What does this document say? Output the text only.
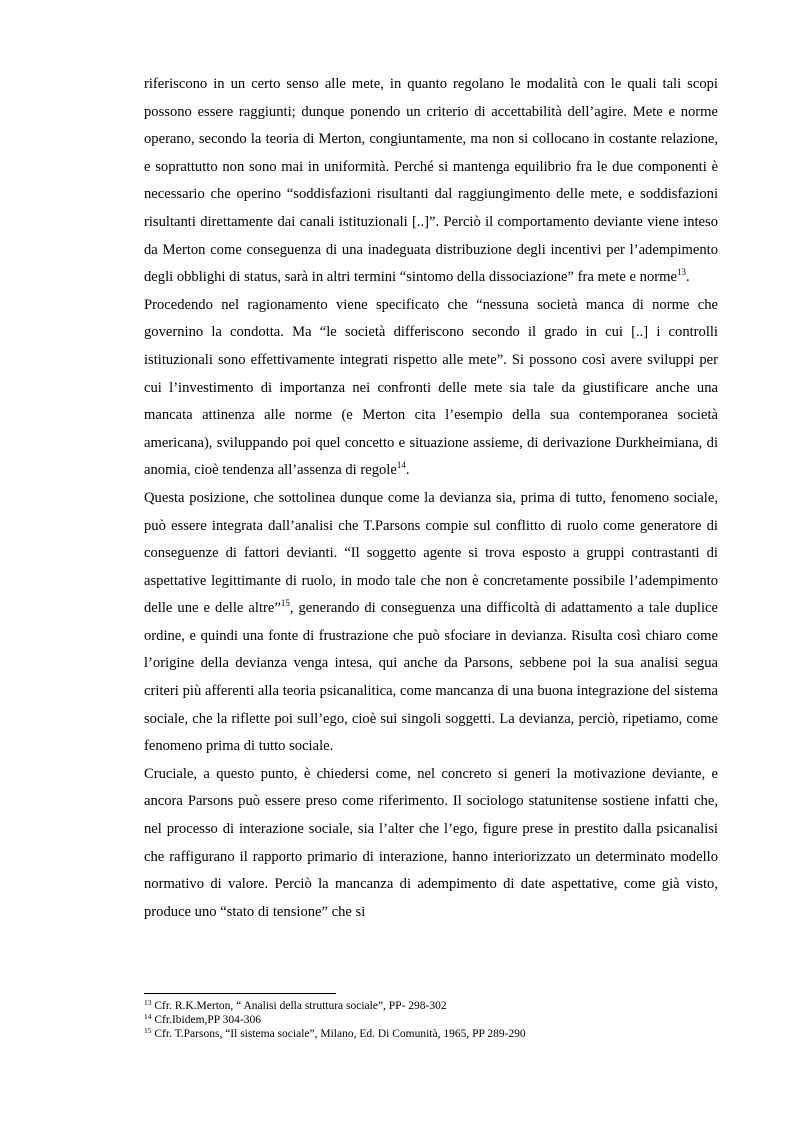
riferiscono in un certo senso alle mete, in quanto regolano le modalità con le quali tali scopi possono essere raggiunti; dunque ponendo un criterio di accettabilità dell’agire. Mete e norme operano, secondo la teoria di Merton, congiuntamente, ma non si collocano in costante relazione, e soprattutto non sono mai in uniformità. Perché si mantenga equilibrio fra le due componenti è necessario che operino “soddisfazioni risultanti dal raggiungimento delle mete, e soddisfazioni risultanti direttamente dai canali istituzionali [..]”. Perciò il comportamento deviante viene inteso da Merton come conseguenza di una inadeguata distribuzione degli incentivi per l’adempimento degli obblighi di status, sarà in altri termini “sintomo della dissociazione” fra mete e norme$^{13}$.

Procedendo nel ragionamento viene specificato che “nessuna società manca di norme che governino la condotta. Ma “le società differiscono secondo il grado in cui [..] i controlli istituzionali sono effettivamente integrati rispetto alle mete”. Si possono così avere sviluppi per cui l’investimento di importanza nei confronti delle mete sia tale da giustificare anche una mancata attinenza alle norme (e Merton cita l’esempio della sua contemporanea società americana), sviluppando poi quel concetto e situazione assieme, di derivazione Durkheimiana, di anomia, cioè tendenza all’assenza di regole$^{14}$.

Questa posizione, che sottolinea dunque come la devianza sia, prima di tutto, fenomeno sociale, può essere integrata dall’analisi che T.Parsons compie sul conflitto di ruolo come generatore di conseguenze di fattori devianti. “Il soggetto agente si trova esposto a gruppi contrastanti di aspettative legittimante di ruolo, in modo tale che non è concretamente possibile l’adempimento delle une e delle altre”$^{15}$, generando di conseguenza una difficoltà di adattamento a tale duplice ordine, e quindi una fonte di frustrazione che può sfociare in devianza. Risulta così chiaro come l’origine della devianza venga intesa, qui anche da Parsons, sebbene poi la sua analisi segua criteri più afferenti alla teoria psicanalitica, come mancanza di una buona integrazione del sistema sociale, che la riflette poi sull’ego, cioè sui singoli soggetti. La devianza, perciò, ripetiamo, come fenomeno prima di tutto sociale.

Cruciale, a questo punto, è chiedersi come, nel concreto si generi la motivazione deviante, e ancora Parsons può essere preso come riferimento. Il sociologo statunitense sostiene infatti che, nel processo di interazione sociale, sia l’alter che l’ego, figure prese in prestito dalla psicanalisi che raffigurano il rapporto primario di interazione, hanno interiorizzato un determinato modello normativo di valore. Perciò la mancanza di adempimento di date aspettative, come già visto, produce uno “stato di tensione” che si

$^{13}$ Cfr. R.K.Merton, “ Analisi della struttura sociale”, PP- 298-302
$^{14}$ Cfr.Ibidem,PP 304-306
$^{15}$ Cfr. T.Parsons, “Il sistema sociale”, Milano, Ed. Di Comunità, 1965, PP 289-290
